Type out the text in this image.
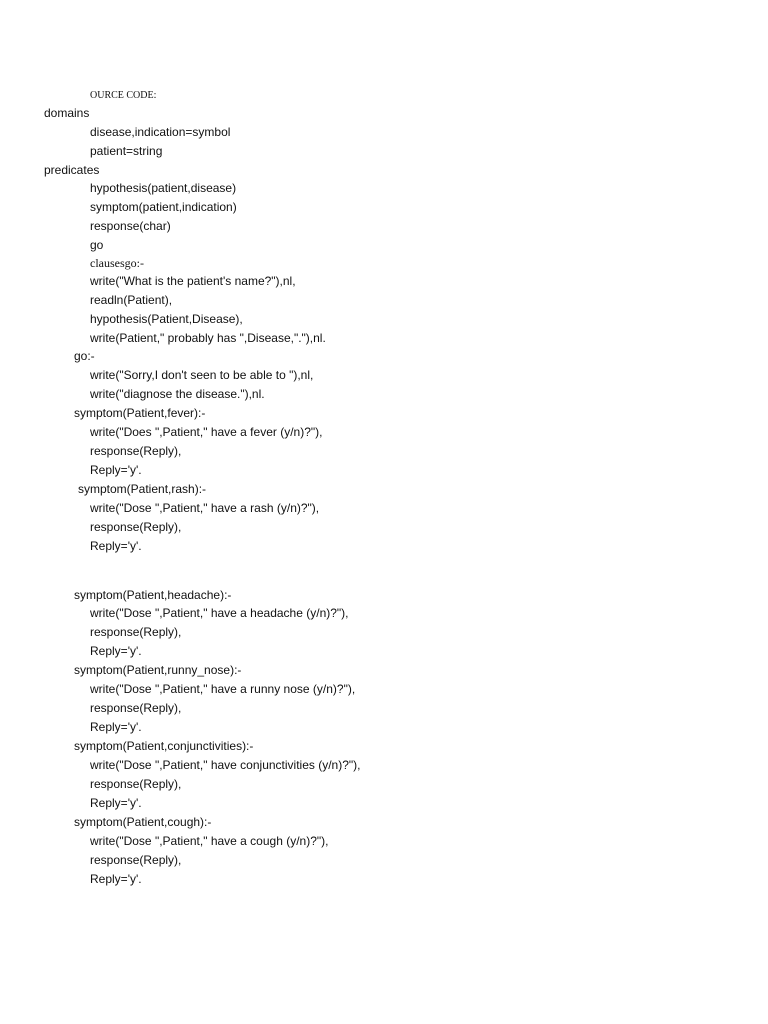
OURCE CODE:
domains
disease,indication=symbol
patient=string
predicates
hypothesis(patient,disease)
symptom(patient,indication)
response(char)
go
clausesgo:-
write("What is the patient's name?"),nl,
readln(Patient),
hypothesis(Patient,Disease),
write(Patient," probably has ",Disease,"."),nl.
go:-
write("Sorry,I don't seen to be able to "),nl,
write("diagnose the disease."),nl.
symptom(Patient,fever):-
write("Does ",Patient," have a fever (y/n)?"),
response(Reply),
Reply='y'.
symptom(Patient,rash):-
write("Dose ",Patient," have a rash (y/n)?"),
response(Reply),
Reply='y'.
symptom(Patient,headache):-
write("Dose ",Patient," have a headache (y/n)?"),
response(Reply),
Reply='y'.
symptom(Patient,runny_nose):-
write("Dose ",Patient," have a runny nose (y/n)?"),
response(Reply),
Reply='y'.
symptom(Patient,conjunctivities):-
write("Dose ",Patient," have conjunctivities (y/n)?"),
response(Reply),
Reply='y'.
symptom(Patient,cough):-
write("Dose ",Patient," have a cough (y/n)?"),
response(Reply),
Reply='y'.
